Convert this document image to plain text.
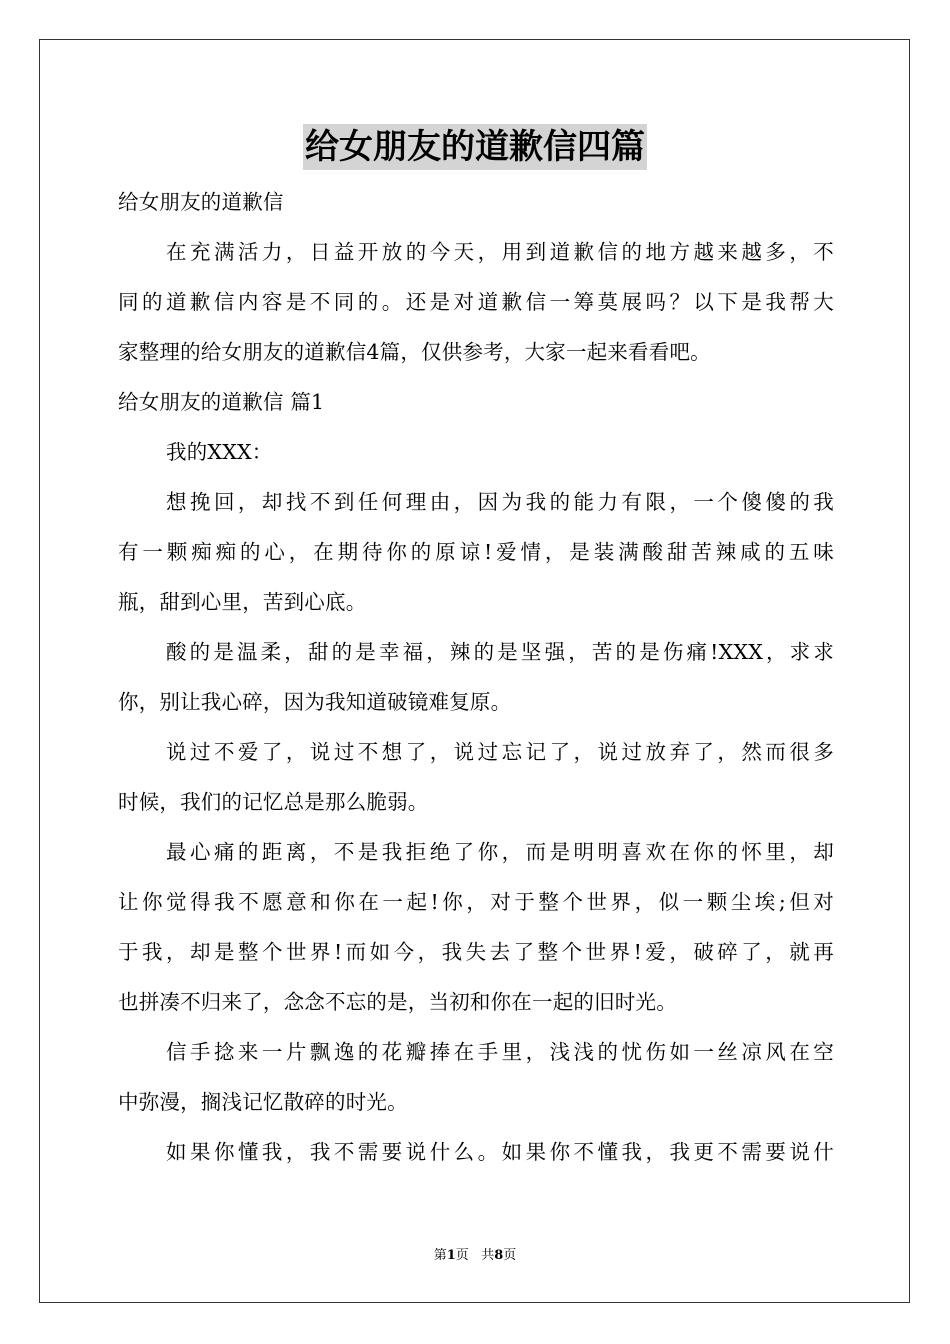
给女朋友的道歉信四篇
给女朋友的道歉信
在充满活力，日益开放的今天，用到道歉信的地方越来越多，不
同的道歉信内容是不同的。还是对道歉信一筹莫展吗？以下是我帮大
家整理的给女朋友的道歉信4篇，仅供参考，大家一起来看看吧。
给女朋友的道歉信 篇1
我的XXX：
想挽回，却找不到任何理由，因为我的能力有限，一个傻傻的我
有一颗痴痴的心，在期待你的原谅!爱情，是装满酸甜苦辣咸的五味
瓶，甜到心里，苦到心底。
酸的是温柔，甜的是幸福，辣的是坚强，苦的是伤痛!XXX，求求
你，别让我心碎，因为我知道破镜难复原。
说过不爱了，说过不想了，说过忘记了，说过放弃了，然而很多
时候，我们的记忆总是那么脆弱。
最心痛的距离，不是我拒绝了你，而是明明喜欢在你的怀里，却
让你觉得我不愿意和你在一起!你，对于整个世界，似一颗尘埃;但对
于我，却是整个世界!而如今，我失去了整个世界!爱，破碎了，就再
也拼凑不归来了，念念不忘的是，当初和你在一起的旧时光。
信手捻来一片飘逸的花瓣捧在手里，浅浅的忧伤如一丝凉风在空
中弥漫，搁浅记忆散碎的时光。
如果你懂我，我不需要说什么。如果你不懂我，我更不需要说什
第1页 共8页
